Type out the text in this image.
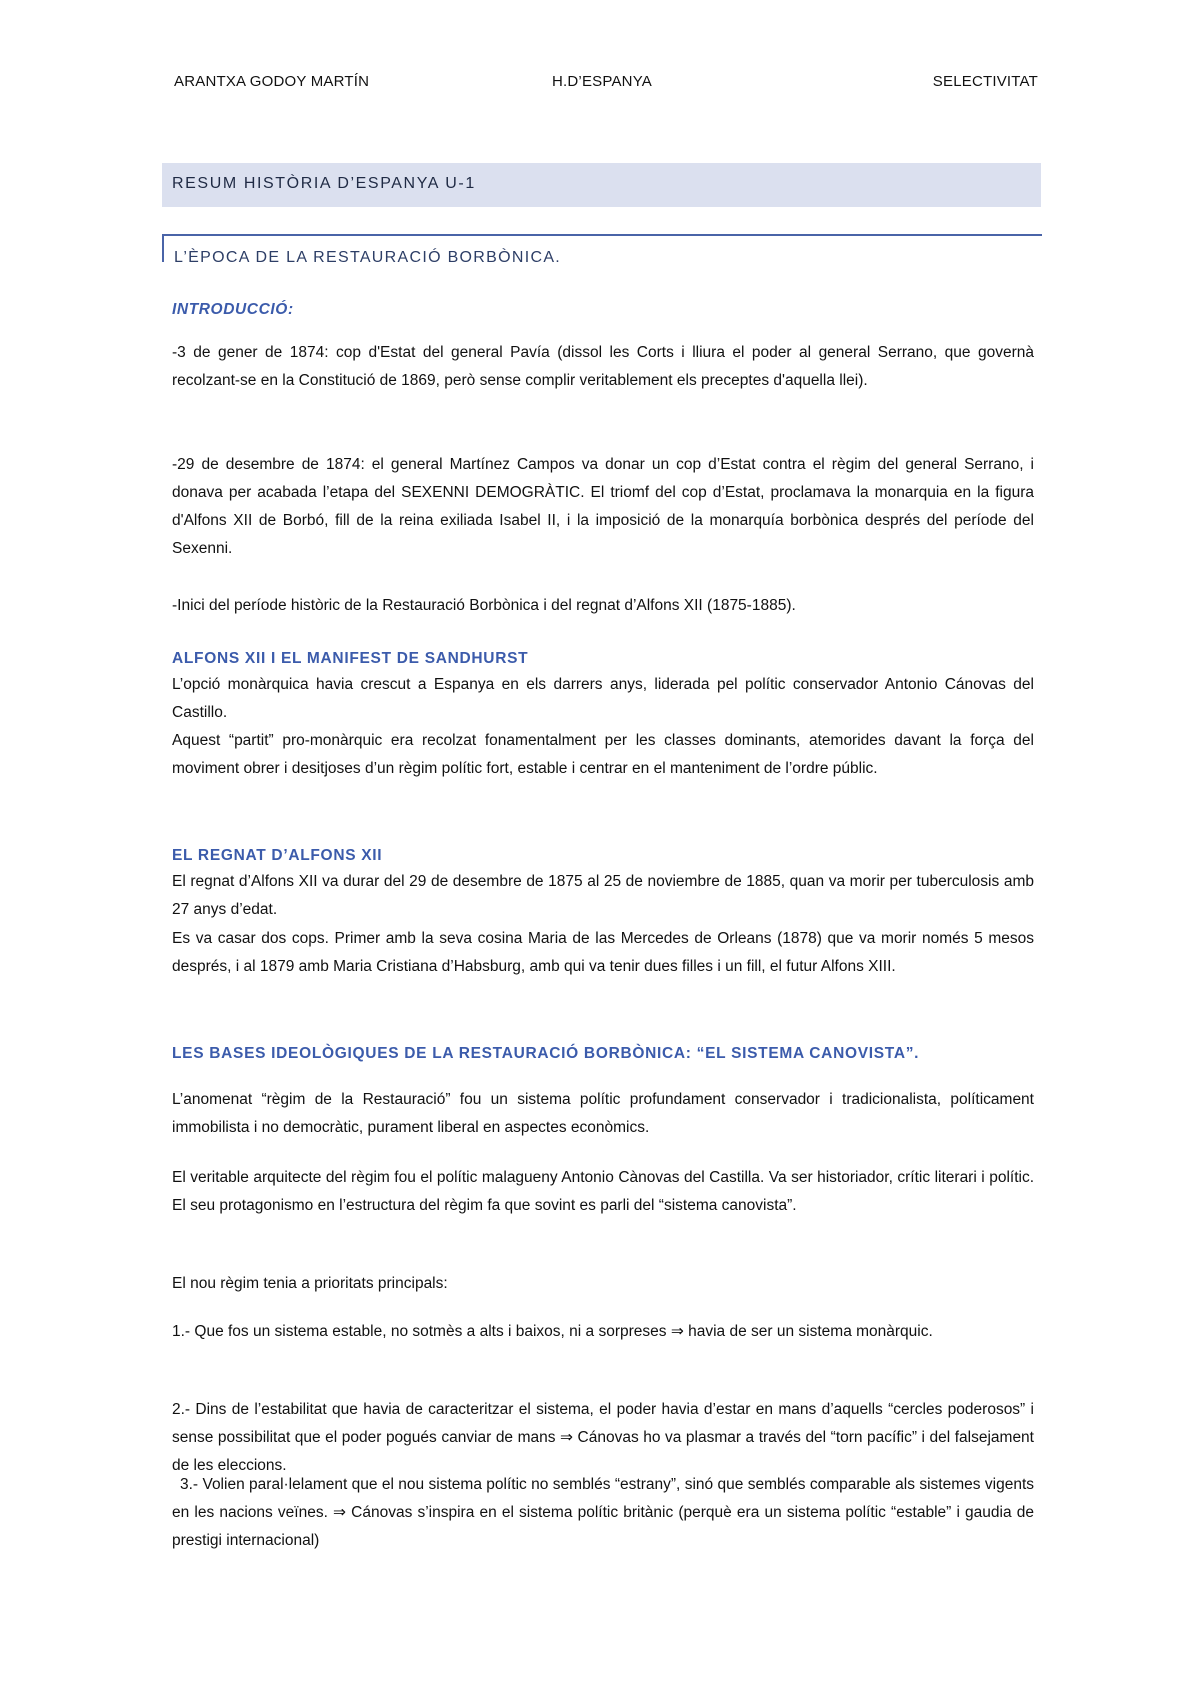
ARANTXA GODOY MARTÍN	H.D’ESPANYA	SELECTIVITAT
RESUM HISTÒRIA D’ESPANYA U-1
L’ÈPOCA DE LA RESTAURACIÓ BORBÒNICA.
INTRODUCCIÓ:

-3 de gener de 1874: cop d'Estat del general Pavía (dissol les Corts i lliura el poder al general Serrano, que governà recolzant-se en la Constitució de 1869, però sense complir veritablement els preceptes d'aquella llei).

-29 de desembre de 1874: el general Martínez Campos va donar un cop d’Estat contra el règim del general Serrano, i donava per acabada l’etapa del SEXENNI DEMOGRÀTIC. El triomf del cop d’Estat, proclamava la monarquia en la figura d'Alfons XII de Borbó, fill de la reina exiliada Isabel II, i la imposició de la monarquía borbònica després del període del Sexenni.

-Inici del període històric de la Restauració Borbònica i del regnat d’Alfons XII (1875-1885).

ALFONS XII I EL MANIFEST DE SANDHURST

L’opció monàrquica havia crescut a Espanya en els darrers anys, liderada pel polític conservador Antonio Cánovas del Castillo.

Aquest “partit” pro-monàrquic era recolzat fonamentalment per les classes dominants, atemorides davant la força del moviment obrer i desitjoses d’un règim polític fort, estable i centrar en el manteniment de l’ordre públic.

EL REGNAT D’ALFONS XII

El regnat d’Alfons XII va durar del 29 de desembre de 1875 al 25 de noviembre de 1885, quan va morir per tuberculosis amb 27 anys d’edat.

Es va casar dos cops. Primer amb la seva cosina Maria de las Mercedes de Orleans (1878) que va morir només 5 mesos després, i al 1879 amb Maria Cristiana d’Habsburg, amb qui va tenir dues filles i un fill, el futur Alfons XIII.

LES BASES IDEOLÒGIQUES DE LA RESTAURACIÓ BORBÒNICA: “EL SISTEMA CANOVISTA”.

L’anomenat “règim de la Restauració” fou un sistema polític profundament conservador i tradicionalista, políticament immobilista i no democràtic, purament liberal en aspectes econòmics.

El veritable arquitecte del règim fou el polític malagueny Antonio Cànovas del Castilla. Va ser historiador, crític literari i polític. El seu protagonismo en l’estructura del règim fa que sovint es parli del “sistema canovista”.

El nou règim tenia a prioritats principals:

1.- Que fos un sistema estable, no sotmès a alts i baixos, ni a sorpreses ⇒ havia de ser un sistema monàrquic.

2.- Dins de l’estabilitat que havia de caracteritzar el sistema, el poder havia d’estar en mans d’aquells “cercles poderosos” i sense possibilitat que el poder pogués canviar de mans ⇒ Cánovas ho va plasmar a través del “torn pacífic” i del falsejament de les eleccions.

3.- Volien paral·lelament que el nou sistema polític no semblés “estrany”, sinó que semblés comparable als sistemes vigents en les nacions veïnes. ⇒ Cánovas s’inspira en el sistema polític britànic (perquè era un sistema polític “estable” i gaudia de prestigi internacional)
